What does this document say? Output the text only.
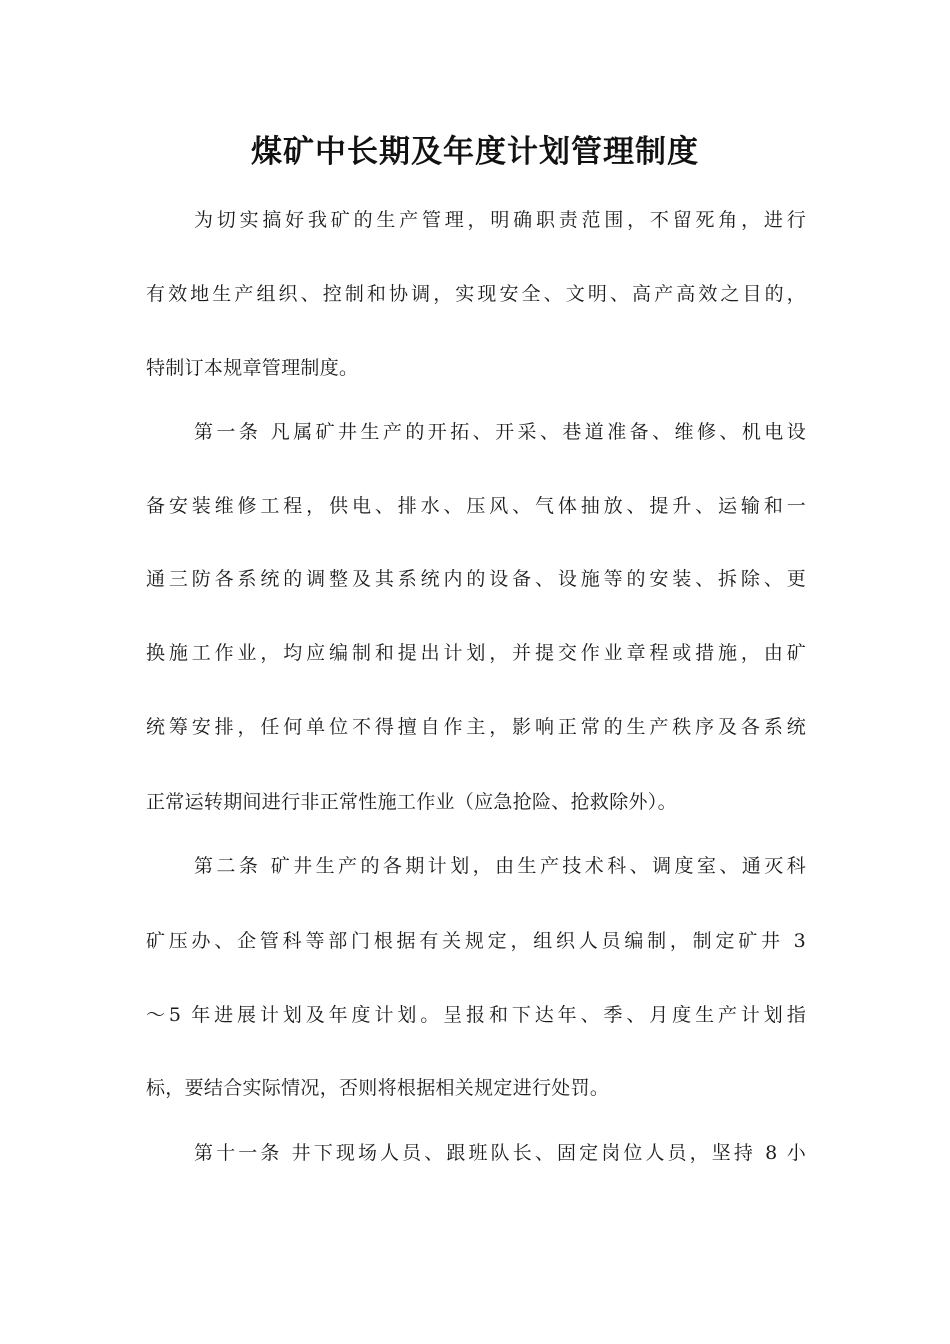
煤矿中长期及年度计划管理制度
为切实搞好我矿的生产管理，明确职责范围，不留死角，进行
有效地生产组织、控制和协调，实现安全、文明、高产高效之目的，
特制订本规章管理制度。
第一条 凡属矿井生产的开拓、开采、巷道准备、维修、机电设
备安装维修工程，供电、排水、压风、气体抽放、提升、运输和一
通三防各系统的调整及其系统内的设备、设施等的安装、拆除、更
换施工作业，均应编制和提出计划，并提交作业章程或措施，由矿
统筹安排，任何单位不得擅自作主，影响正常的生产秩序及各系统
正常运转期间进行非正常性施工作业（应急抢险、抢救除外）。
第二条 矿井生产的各期计划，由生产技术科、调度室、通灭科
矿压办、企管科等部门根据有关规定，组织人员编制，制定矿井 3
～5 年进展计划及年度计划。呈报和下达年、季、月度生产计划指
标，要结合实际情况，否则将根据相关规定进行处罚。
第十一条 井下现场人员、跟班队长、固定岗位人员，坚持 8 小
